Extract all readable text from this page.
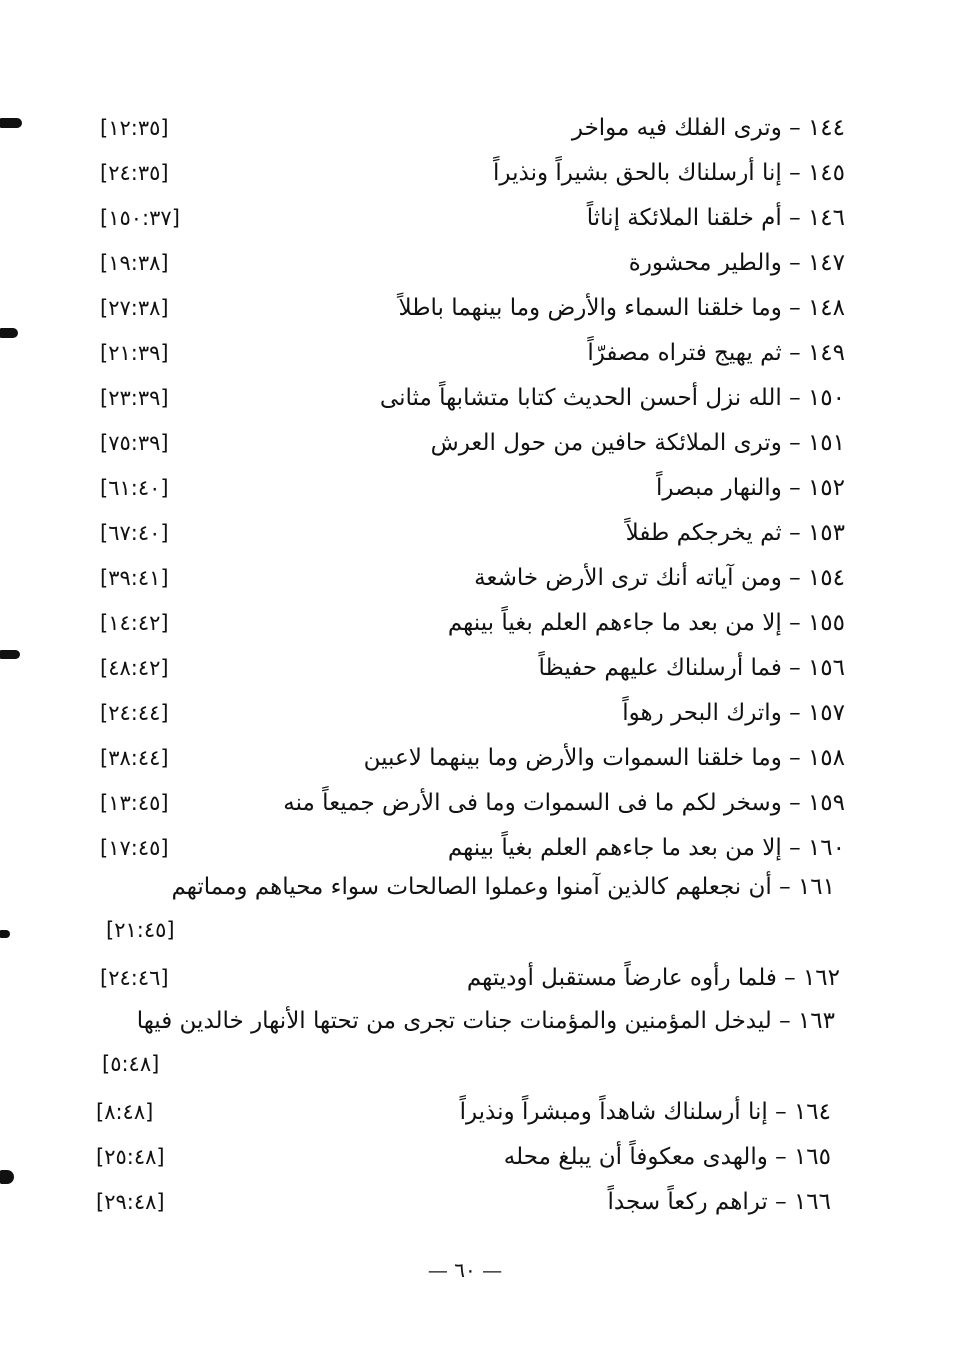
١٤٤ – وترى الفلك فيه مواخر
[١٢:٣٥]
١٤٥ – إنا أرسلناك بالحق بشيراً ونذيراً
[٢٤:٣٥]
١٤٦ – أم خلقنا الملائكة إناثاً
[١٥٠:٣٧]
١٤٧ – والطير محشورة
[١٩:٣٨]
١٤٨ – وما خلقنا السماء والأرض وما بينهما باطلاً
[٢٧:٣٨]
١٤٩ – ثم يهيج فتراه مصفرّاً
[٢١:٣٩]
١٥٠ – الله نزل أحسن الحديث كتابا متشابهاً مثانى
[٢٣:٣٩]
١٥١ – وترى الملائكة حافين من حول العرش
[٧٥:٣٩]
١٥٢ – والنهار مبصراً
[٦١:٤٠]
١٥٣ – ثم يخرجكم طفلاً
[٦٧:٤٠]
١٥٤ – ومن آياته أنك ترى الأرض خاشعة
[٣٩:٤١]
١٥٥ – إلا من بعد ما جاءهم العلم بغياً بينهم
[١٤:٤٢]
١٥٦ – فما أرسلناك عليهم حفيظاً
[٤٨:٤٢]
١٥٧ – واترك البحر رهواً
[٢٤:٤٤]
١٥٨ – وما خلقنا السموات والأرض وما بينهما لاعبين
[٣٨:٤٤]
١٥٩ – وسخر لكم ما فى السموات وما فى الأرض جميعاً منه
[١٣:٤٥]
١٦٠ – إلا من بعد ما جاءهم العلم بغياً بينهم
[١٧:٤٥]
١٦١ – أن نجعلهم كالذين آمنوا وعملوا الصالحات سواء محياهم ومماتهم
[٢١:٤٥]
١٦٢ – فلما رأوه عارضاً مستقبل أوديتهم
[٢٤:٤٦]
١٦٣ – ليدخل المؤمنين والمؤمنات جنات تجرى من تحتها الأنهار خالدين فيها
[٥:٤٨]
١٦٤ – إنا أرسلناك شاهداً ومبشراً ونذيراً
[٨:٤٨]
١٦٥ – والهدى معكوفاً أن يبلغ محله
[٢٥:٤٨]
١٦٦ – تراهم ركعاً سجداً
[٢٩:٤٨]
— ٦٠ —
